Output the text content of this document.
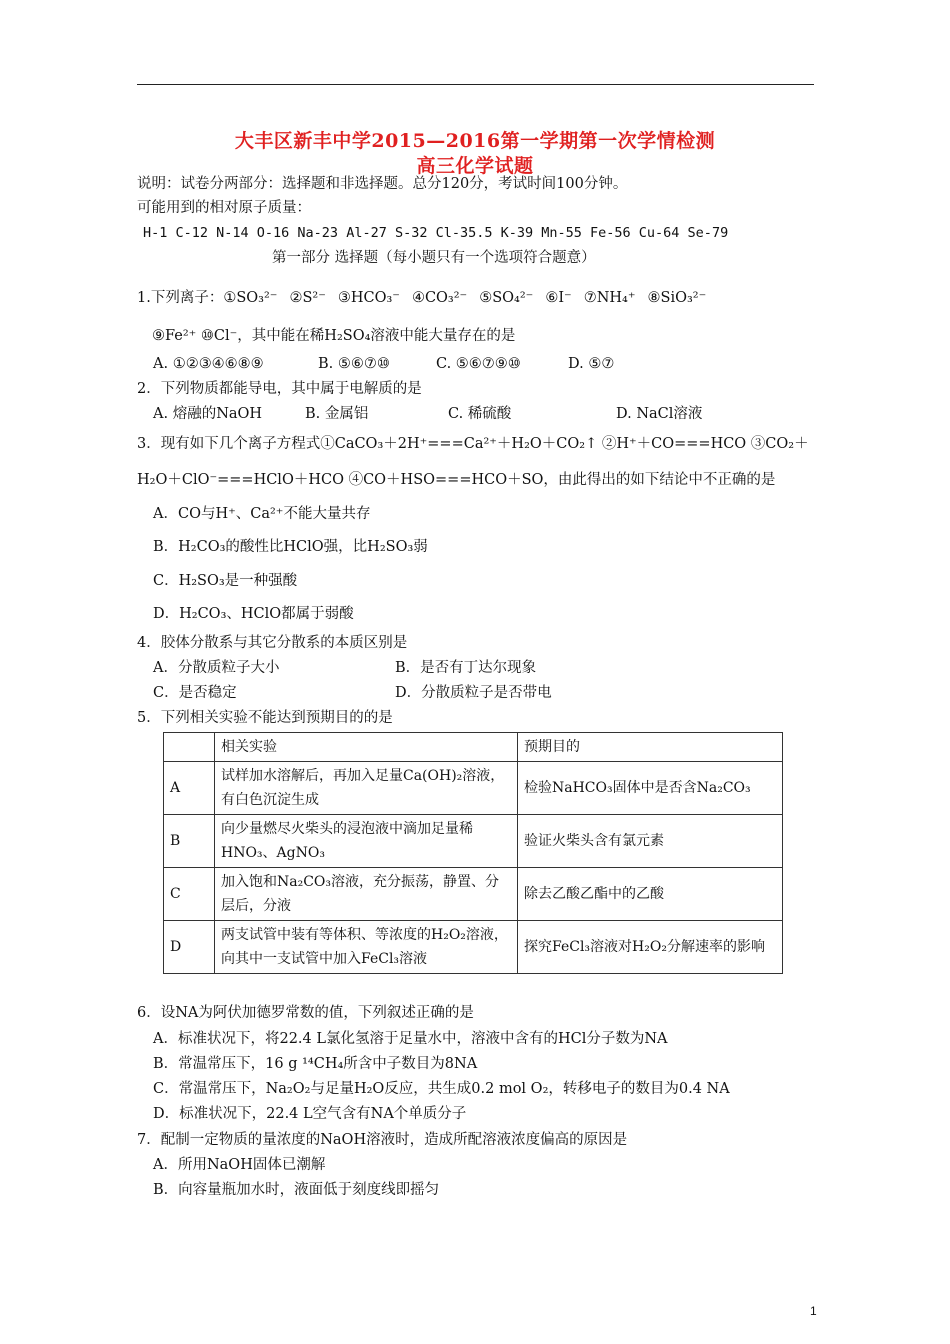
大丰区新丰中学2015—2016第一学期第一次学情检测
高三化学试题
说明：试卷分两部分：选择题和非选择题。总分120分，考试时间100分钟。
可能用到的相对原子质量：
H-1 C-12 N-14 O-16 Na-23 Al-27 S-32 Cl-35.5 K-39 Mn-55 Fe-56 Cu-64 Se-79
第一部分 选择题（每小题只有一个选项符合题意）
1.下列离子：①SO₃²⁻ ②S²⁻ ③HCO₃⁻ ④CO₃²⁻ ⑤SO₄²⁻ ⑥I⁻ ⑦NH₄⁺ ⑧SiO₃²⁻
⑨Fe²⁺ ⑩Cl⁻，其中能在稀H₂SO₄溶液中能大量存在的是
A. ①②③④⑥⑧⑨	B. ⑤⑥⑦⑩	C. ⑤⑥⑦⑨⑩	D. ⑤⑦
2．下列物质都能导电，其中属于电解质的是
A. 熔融的NaOH	B. 金属铝	C. 稀硫酸	D. NaCl溶液
3．现有如下几个离子方程式①CaCO₃＋2H⁺===Ca²⁺＋H₂O＋CO₂↑ ②H⁺＋CO===HCO ③CO₂＋
H₂O＋ClO⁻===HClO＋HCO ④CO＋HSO===HCO＋SO，由此得出的如下结论中不正确的是
A．CO与H⁺、Ca²⁺不能大量共存
B．H₂CO₃的酸性比HClO强，比H₂SO₃弱
C．H₂SO₃是一种强酸
D．H₂CO₃、HClO都属于弱酸
4．胶体分散系与其它分散系的本质区别是
A．分散质粒子大小	B．是否有丁达尔现象
C．是否稳定	D．分散质粒子是否带电
5．下列相关实验不能达到预期目的的是
	相关实验	预期目的
A	试样加水溶解后，再加入足量Ca(OH)₂溶液，有白色沉淀生成	检验NaHCO₃固体中是否含Na₂CO₃
B	向少量燃尽火柴头的浸泡液中滴加足量稀HNO₃、AgNO₃	验证火柴头含有氯元素
C	加入饱和Na₂CO₃溶液，充分振荡，静置、分层后，分液	除去乙酸乙酯中的乙酸
D	两支试管中装有等体积、等浓度的H₂O₂溶液，向其中一支试管中加入FeCl₃溶液	探究FeCl₃溶液对H₂O₂分解速率的影响
6．设NA为阿伏加德罗常数的值，下列叙述正确的是
A．标准状况下，将22.4 L氯化氢溶于足量水中，溶液中含有的HCl分子数为NA
B．常温常压下，16 g ¹⁴CH₄所含中子数目为8NA
C．常温常压下，Na₂O₂与足量H₂O反应，共生成0.2 mol O₂，转移电子的数目为0.4 NA
D．标准状况下，22.4 L空气含有NA个单质分子
7．配制一定物质的量浓度的NaOH溶液时，造成所配溶液浓度偏高的原因是
A．所用NaOH固体已潮解
B．向容量瓶加水时，液面低于刻度线即摇匀
1
